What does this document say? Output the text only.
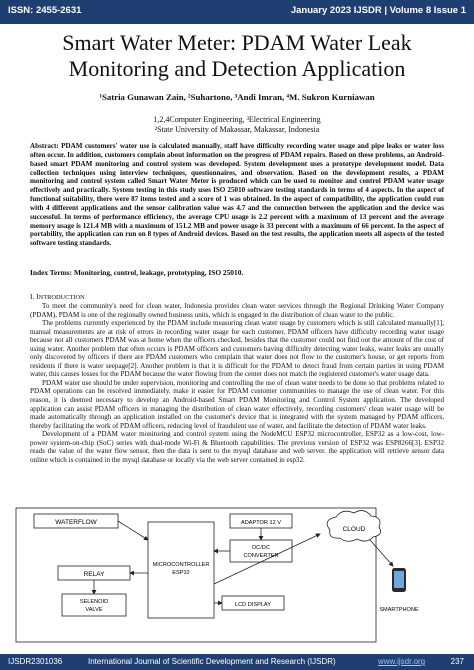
ISSN: 2455-2631	January 2023 IJSDR | Volume 8 Issue 1
Smart Water Meter: PDAM Water Leak Monitoring and Detection Application
¹Satria Gunawan Zain, ²Suhartono, ³Andi Imran, ⁴M. Sukron Kurniawan
1,2,4Computer Engineering, ³Electrical Engineering
²State University of Makassar, Makassar, Indonesia

Abstract: PDAM customers' water use is calculated manually, staff have difficulty recording water usage and pipe leaks or water loss often occur. In addition, customers complain about information on the progress of PDAM repairs. Based on these problems, an Android-based smart PDAM monitoring and control system was developed. System development uses a prototype development model. Data collection techniques using interview techniques, questionnaires, and observation. Based on the development results, a PDAM monitoring and control system called Smart Water Meter is produced which can be used to monitor and control PDAM water usage effectively and practically. System testing in this study uses ISO 25010 software testing standards in terms of 4 aspects. In the aspect of functional suitability, there were 87 items tested and a score of 1 was obtained. In the aspect of compatibility, the application could run with 4 different applications and the sensor calibration value was 4.7 and the connection between the application and the device was successful. In terms of performance efficiency, the average CPU usage is 2.2 percent with a maximum of 13 percent and the average memory usage is 121.4 MB with a maximum of 151.2 MB and power usage is 33 percent with a maximum of 66 percent. In the aspect of portability, the application can run on 8 types of Android devices. Based on the test results, the application meets all aspects of the tested software testing standards.

Index Terms: Monitoring, control, leakage, prototyping, ISO 25010.

I. INTRODUCTION

To meet the community's need for clean water, Indonesia provides clean water services through the Regional Drinking Water Company (PDAM), PDAM is one of the regionally owned business units, which is engaged in the distribution of clean water to the public.

The problems currently experienced by the PDAM include measuring clean water usage by customers which is still calculated manually[1], manual measurements are at risk of errors in recording water usage for each customer, PDAM officers have difficulty recording water usage because not all customers PDAM was at home when the officers checked, besides that the customer could not find out the amount of the cost of using water. Another problem that often occurs is PDAM officers and customers having difficulty detecting water leaks, water leaks are usually only discovered by officers if there are PDAM customers who complain that water does not flow to the customer's house, or get reports from residents if there is water seepage[2]. Another problem is that it is difficult for the PDAM to detect fraud from certain parties in using PDAM water, this causes losses for the PDAM because the water flowing from the center does not match the registered customer's water usage data.

PDAM water use should be under supervision, monitoring and controlling the use of clean water needs to be done so that problems related to PDAM operations can be resolved immediately. make it easier for PDAM customer communities to manage the use of clean water. For this reason, it is deemed necessary to develop an Android-based Smart PDAM Monitoring and Control System application. The developed application can assist PDAM officers in managing the distribution of clean water effectively, recording customers' clean water usage will be made automatically through an application installed on the customer's device that is integrated with the system managed by PDAM officers, thereby facilitating the work of PDAM officers, reducing level of fraudulent use of water, and facilitate the detection of PDAM water leaks.

Development of a PDAM water monitoring and control system using the NodeMCU ESP32 microcontroller, ESP32 as a low-cost, low-power system-on-chip (SoC) series with dual-mode Wi-Fi & Bluetooth capabilities. The previous version of ESP32 was ESP8266[3]. ESP32 reads the value of the water flow sensor, then the data is sent to the mysql database and web server. the application will retrieve sensor data online which is contained in the mysql database or locally via the web server contained in esp32.

WATERFLOW
MICROCONTROLLER
ESP32
RELAY
SELENOID
VALVE
ADAPTOR 12 V
DC/DC
CONVERTER
LCD DISPLAY
CLOUD
SMARTPHONE
IJSDR2301036	International Journal of Scientific Development and Research (IJSDR)	www.ijsdr.org	237
